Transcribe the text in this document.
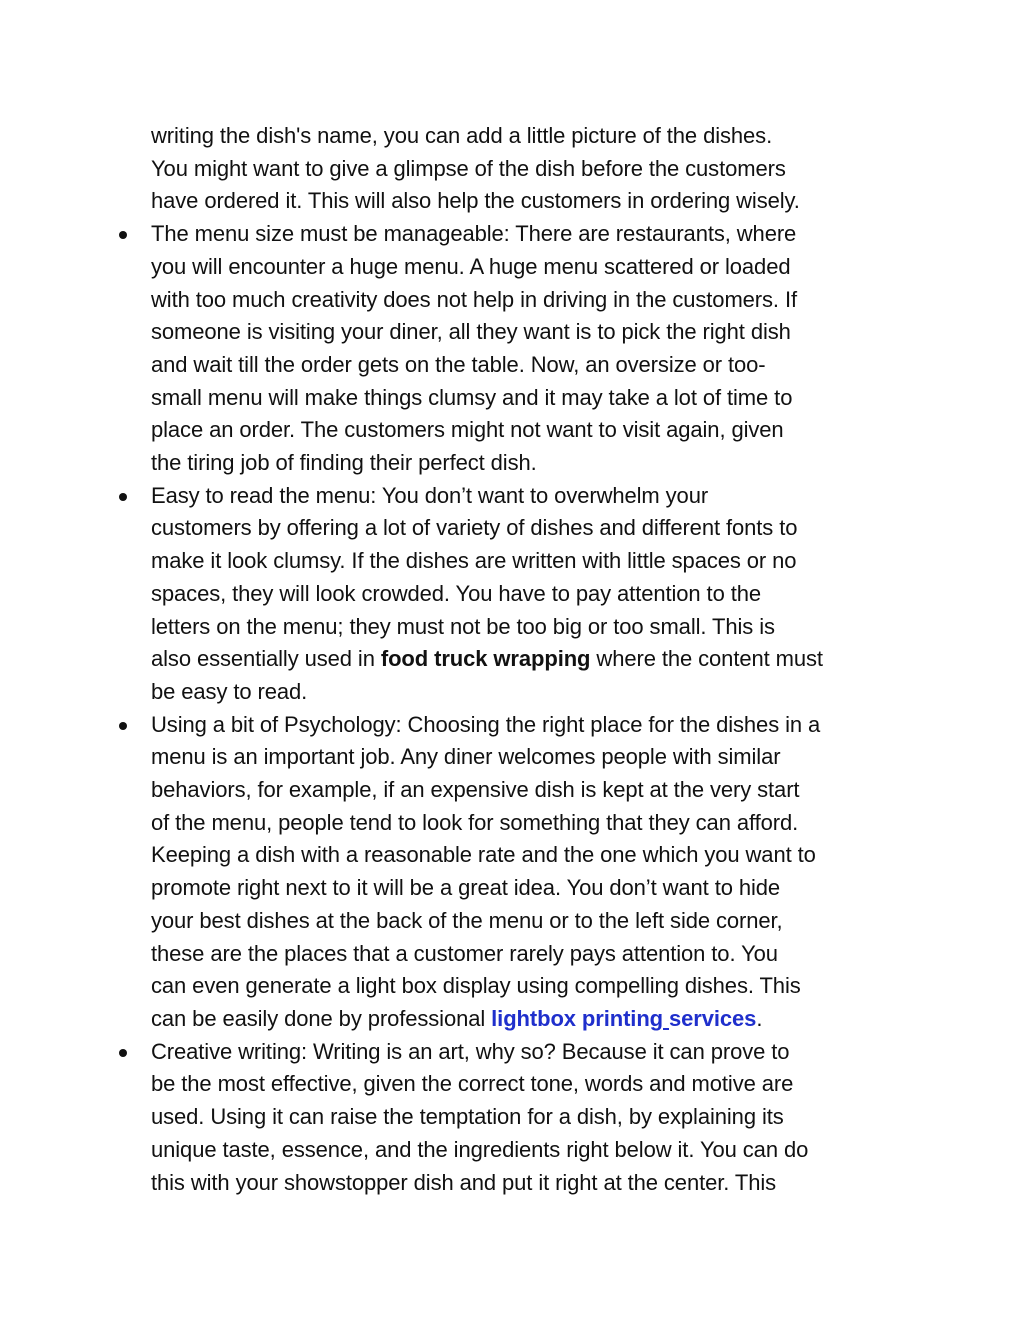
writing the dish's name, you can add a little picture of the dishes.
You might want to give a glimpse of the dish before the customers
have ordered it. This will also help the customers in ordering wisely.
The menu size must be manageable: There are restaurants, where
you will encounter a huge menu. A huge menu scattered or loaded
with too much creativity does not help in driving in the customers. If
someone is visiting your diner, all they want is to pick the right dish
and wait till the order gets on the table. Now, an oversize or too-
small menu will make things clumsy and it may take a lot of time to
place an order. The customers might not want to visit again, given
the tiring job of finding their perfect dish.
Easy to read the menu: You don’t want to overwhelm your
customers by offering a lot of variety of dishes and different fonts to
make it look clumsy. If the dishes are written with little spaces or no
spaces, they will look crowded. You have to pay attention to the
letters on the menu; they must not be too big or too small. This is
also essentially used in food truck wrapping where the content must
be easy to read.
Using a bit of Psychology: Choosing the right place for the dishes in a
menu is an important job. Any diner welcomes people with similar
behaviors, for example, if an expensive dish is kept at the very start
of the menu, people tend to look for something that they can afford.
Keeping a dish with a reasonable rate and the one which you want to
promote right next to it will be a great idea. You don’t want to hide
your best dishes at the back of the menu or to the left side corner,
these are the places that a customer rarely pays attention to. You
can even generate a light box display using compelling dishes. This
can be easily done by professional lightbox printing services.
Creative writing: Writing is an art, why so? Because it can prove to
be the most effective, given the correct tone, words and motive are
used. Using it can raise the temptation for a dish, by explaining its
unique taste, essence, and the ingredients right below it. You can do
this with your showstopper dish and put it right at the center. This
